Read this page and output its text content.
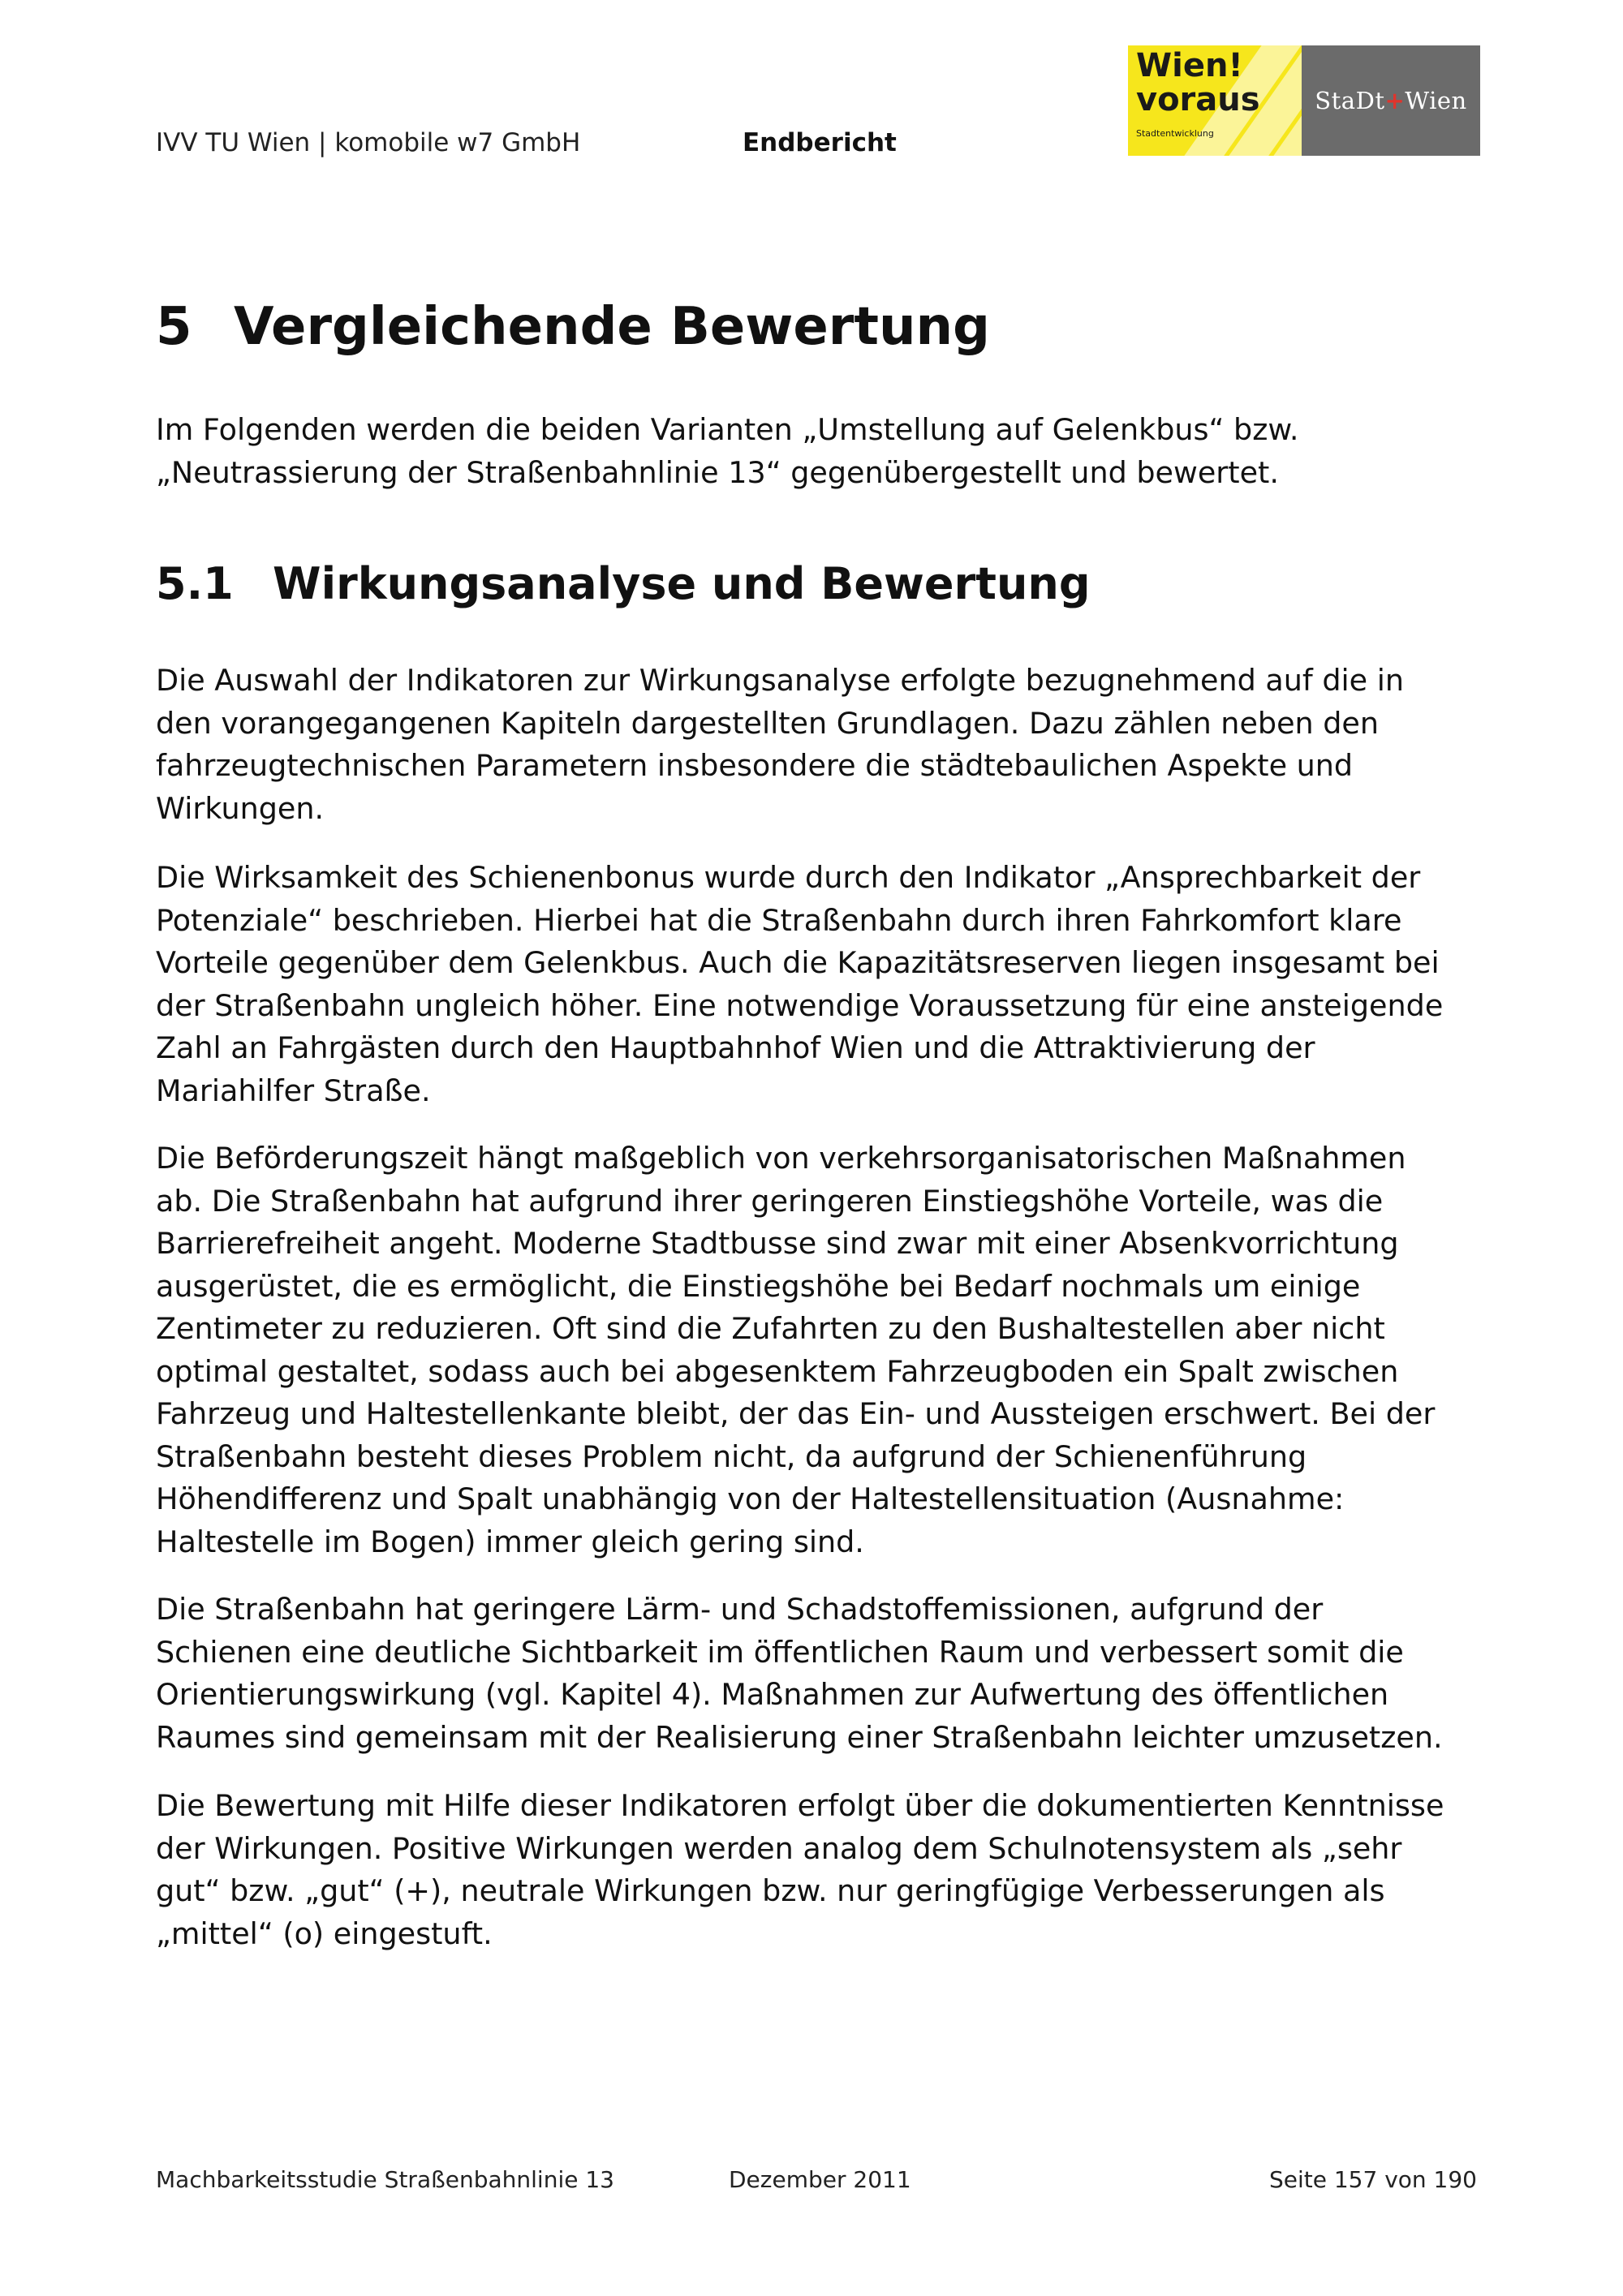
IVV TU Wien | komobile w7 GmbH	Endbericht
Wien!
voraus
Stadtentwicklung
StaDt + Wien
5 Vergleichende Bewertung
Im Folgenden werden die beiden Varianten „Umstellung auf Gelenkbus“ bzw.
„Neutrassierung der Straßenbahnlinie 13“ gegenübergestellt und bewertet.
5.1 Wirkungsanalyse und Bewertung
Die Auswahl der Indikatoren zur Wirkungsanalyse erfolgte bezugnehmend auf die in
den vorangegangenen Kapiteln dargestellten Grundlagen. Dazu zählen neben den
fahrzeugtechnischen Parametern insbesondere die städtebaulichen Aspekte und
Wirkungen.
Die Wirksamkeit des Schienenbonus wurde durch den Indikator „Ansprechbarkeit der
Potenziale“ beschrieben. Hierbei hat die Straßenbahn durch ihren Fahrkomfort klare
Vorteile gegenüber dem Gelenkbus. Auch die Kapazitätsreserven liegen insgesamt bei
der Straßenbahn ungleich höher. Eine notwendige Voraussetzung für eine ansteigende
Zahl an Fahrgästen durch den Hauptbahnhof Wien und die Attraktivierung der
Mariahilfer Straße.
Die Beförderungszeit hängt maßgeblich von verkehrsorganisatorischen Maßnahmen
ab. Die Straßenbahn hat aufgrund ihrer geringeren Einstiegshöhe Vorteile, was die
Barrierefreiheit angeht. Moderne Stadtbusse sind zwar mit einer Absenkvorrichtung
ausgerüstet, die es ermöglicht, die Einstiegshöhe bei Bedarf nochmals um einige
Zentimeter zu reduzieren. Oft sind die Zufahrten zu den Bushaltestellen aber nicht
optimal gestaltet, sodass auch bei abgesenktem Fahrzeugboden ein Spalt zwischen
Fahrzeug und Haltestellenkante bleibt, der das Ein- und Aussteigen erschwert. Bei der
Straßenbahn besteht dieses Problem nicht, da aufgrund der Schienenführung
Höhendifferenz und Spalt unabhängig von der Haltestellensituation (Ausnahme:
Haltestelle im Bogen) immer gleich gering sind.
Die Straßenbahn hat geringere Lärm- und Schadstoffemissionen, aufgrund der
Schienen eine deutliche Sichtbarkeit im öffentlichen Raum und verbessert somit die
Orientierungswirkung (vgl. Kapitel 4). Maßnahmen zur Aufwertung des öffentlichen
Raumes sind gemeinsam mit der Realisierung einer Straßenbahn leichter umzusetzen.
Die Bewertung mit Hilfe dieser Indikatoren erfolgt über die dokumentierten Kenntnisse
der Wirkungen. Positive Wirkungen werden analog dem Schulnotensystem als „sehr
gut“ bzw. „gut“ (+), neutrale Wirkungen bzw. nur geringfügige Verbesserungen als
„mittel“ (o) eingestuft.
Machbarkeitsstudie Straßenbahnlinie 13	Dezember 2011	Seite 157 von 190
